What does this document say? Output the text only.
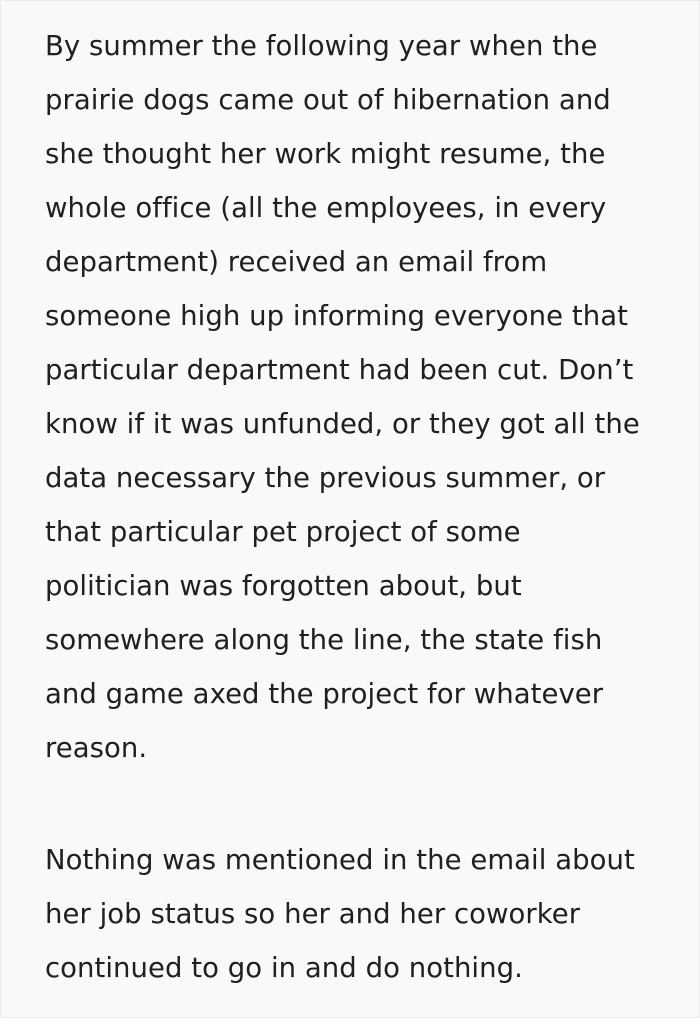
By summer the following year when the
prairie dogs came out of hibernation and
she thought her work might resume, the
whole office (all the employees, in every
department) received an email from
someone high up informing everyone that
particular department had been cut. Don’t
know if it was unfunded, or they got all the
data necessary the previous summer, or
that particular pet project of some
politician was forgotten about, but
somewhere along the line, the state fish
and game axed the project for whatever
reason.

Nothing was mentioned in the email about
her job status so her and her coworker
continued to go in and do nothing.
